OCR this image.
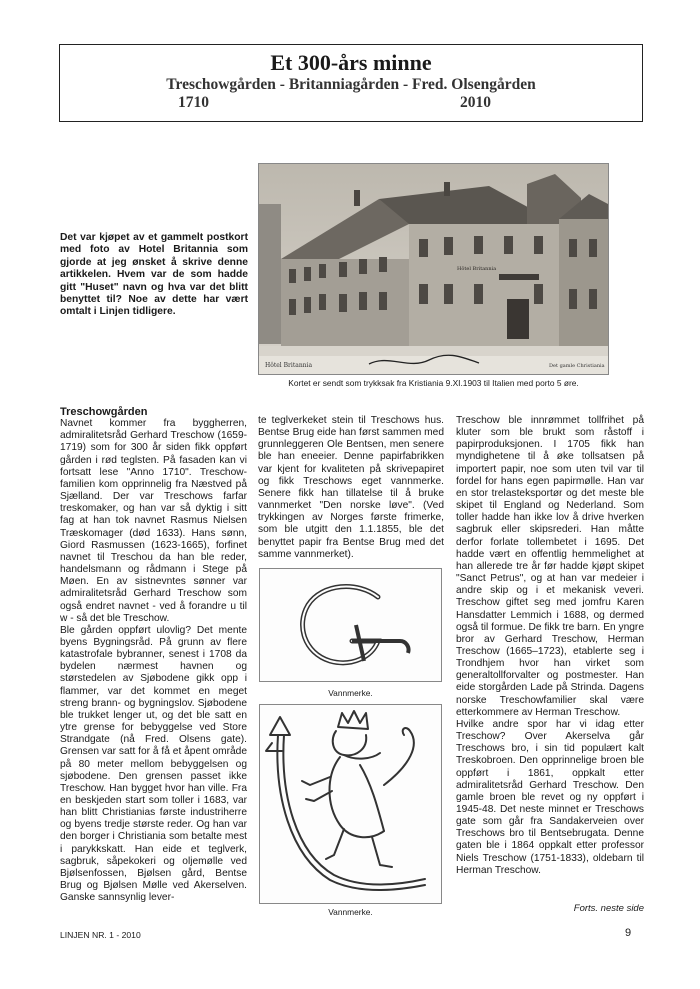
Et 300-års minne
Treschowgården - Britanniagården - Fred. Olsengården
1710	2010
Det var kjøpet av et gammelt postkort med foto av Hotel Britannia som gjorde at jeg ønsket å skrive denne artikkelen. Hvem var de som hadde gitt "Huset" navn og hva var det blitt benyttet til? Noe av dette har vært omtalt i Linjen tidligere.
Hôtel Britannia
Hôtel Britannia	Det gamle Christiania
Kortet er sendt som trykksak fra Kristiania 9.XI.1903 til Italien med porto 5 øre.

Treschowgården

Navnet kommer fra byggherren, admiralitetsråd Gerhard Treschow (1659-1719) som for 300 år siden fikk oppført gården i rød teglsten. På fasaden kan vi fortsatt lese "Anno 1710". Treschow-familien kom opprinnelig fra Næstved på Sjælland. Der var Treschows farfar treskomaker, og han var så dyktig i sitt fag at han tok navnet Rasmus Nielsen Træskomager (død 1633). Hans sønn, Giord Rasmussen (1623-1665), forfinet navnet til Treschou da han ble reder, handelsmann og rådmann i Stege på Møen. En av sistnevntes sønner var admiralitetsråd Gerhard Treschow som også endret navnet - ved å forandre u til w - så det ble Treschow.

Ble gården oppført ulovlig? Det mente byens Bygningsråd. På grunn av flere katastrofale bybranner, senest i 1708 da bydelen nærmest havnen og størstedelen av Sjøbodene gikk opp i flammer, var det kommet en meget streng brann- og bygningslov. Sjøbodene ble trukket lenger ut, og det ble satt en ytre grense for bebyggelse ved Store Strandgate (nå Fred. Olsens gate). Grensen var satt for å få et åpent område på 80 meter mellom bebyggelsen og sjøbodene. Den grensen passet ikke Treschow. Han bygget hvor han ville. Fra en beskjeden start som toller i 1683, var han blitt Christianias første industriherre og byens tredje største reder. Og han var den borger i Christiania som betalte mest i parykkskatt. Han eide et teglverk, sagbruk, såpekokeri og oljemølle ved Bjølsenfossen, Bjølsen gård, Bentse Brug og Bjølsen Mølle ved Akerselven. Ganske sannsynlig lever-

te teglverkeket stein til Treschows hus. Bentse Brug eide han først sammen med grunnleggeren Ole Bentsen, men senere ble han eneeier. Denne papirfabrikken var kjent for kvaliteten på skrivepapiret og fikk Treschows eget vannmerke. Senere fikk han tillatelse til å bruke vannmerket "Den norske løve". (Ved trykkingen av Norges første frimerke, som ble utgitt den 1.1.1855, ble det benyttet papir fra Bentse Brug med det samme vannmerket).

Vannmerke.
Vannmerke.

Treschow ble innrømmet tollfrihet på kluter som ble brukt som råstoff i papirproduksjonen. I 1705 fikk han myndighetene til å øke tollsatsen på importert papir, noe som uten tvil var til fordel for hans egen papirmølle. Han var en stor trelasteksportør og det meste ble skipet til England og Nederland. Som toller hadde han ikke lov å drive hverken sagbruk eller skipsrederi. Han måtte derfor forlate tollembetet i 1695. Det hadde vært en offentlig hemmelighet at han allerede tre år før hadde kjøpt skipet "Sanct Petrus", og at han var medeier i andre skip og i et mekanisk veveri. Treschow giftet seg med jomfru Karen Hansdatter Lemmich i 1688, og dermed også til formue. De fikk tre barn. En yngre bror av Gerhard Treschow, Herman Treschow (1665–1723), etablerte seg i Trondhjem hvor han virket som generaltollforvalter og postmester. Han eide storgården Lade på Strinda. Dagens norske Treschowfamilier skal være etterkommere av Herman Treschow.

Hvilke andre spor har vi idag etter Treschow? Over Akerselva går Treschows bro, i sin tid populært kalt Treskobroen. Den opprinnelige broen ble oppført i 1861, oppkalt etter admiralitetsråd Gerhard Treschow. Den gamle broen ble revet og ny oppført i 1945-48. Det neste minnet er Treschows gate som går fra Sandakerveien over Treschows bro til Bentsebrugata. Denne gaten ble i 1864 oppkalt etter professor Niels Treschow (1751-1833), oldebarn til Herman Treschow.

Forts. neste side
LINJEN NR. 1 - 2010	9
